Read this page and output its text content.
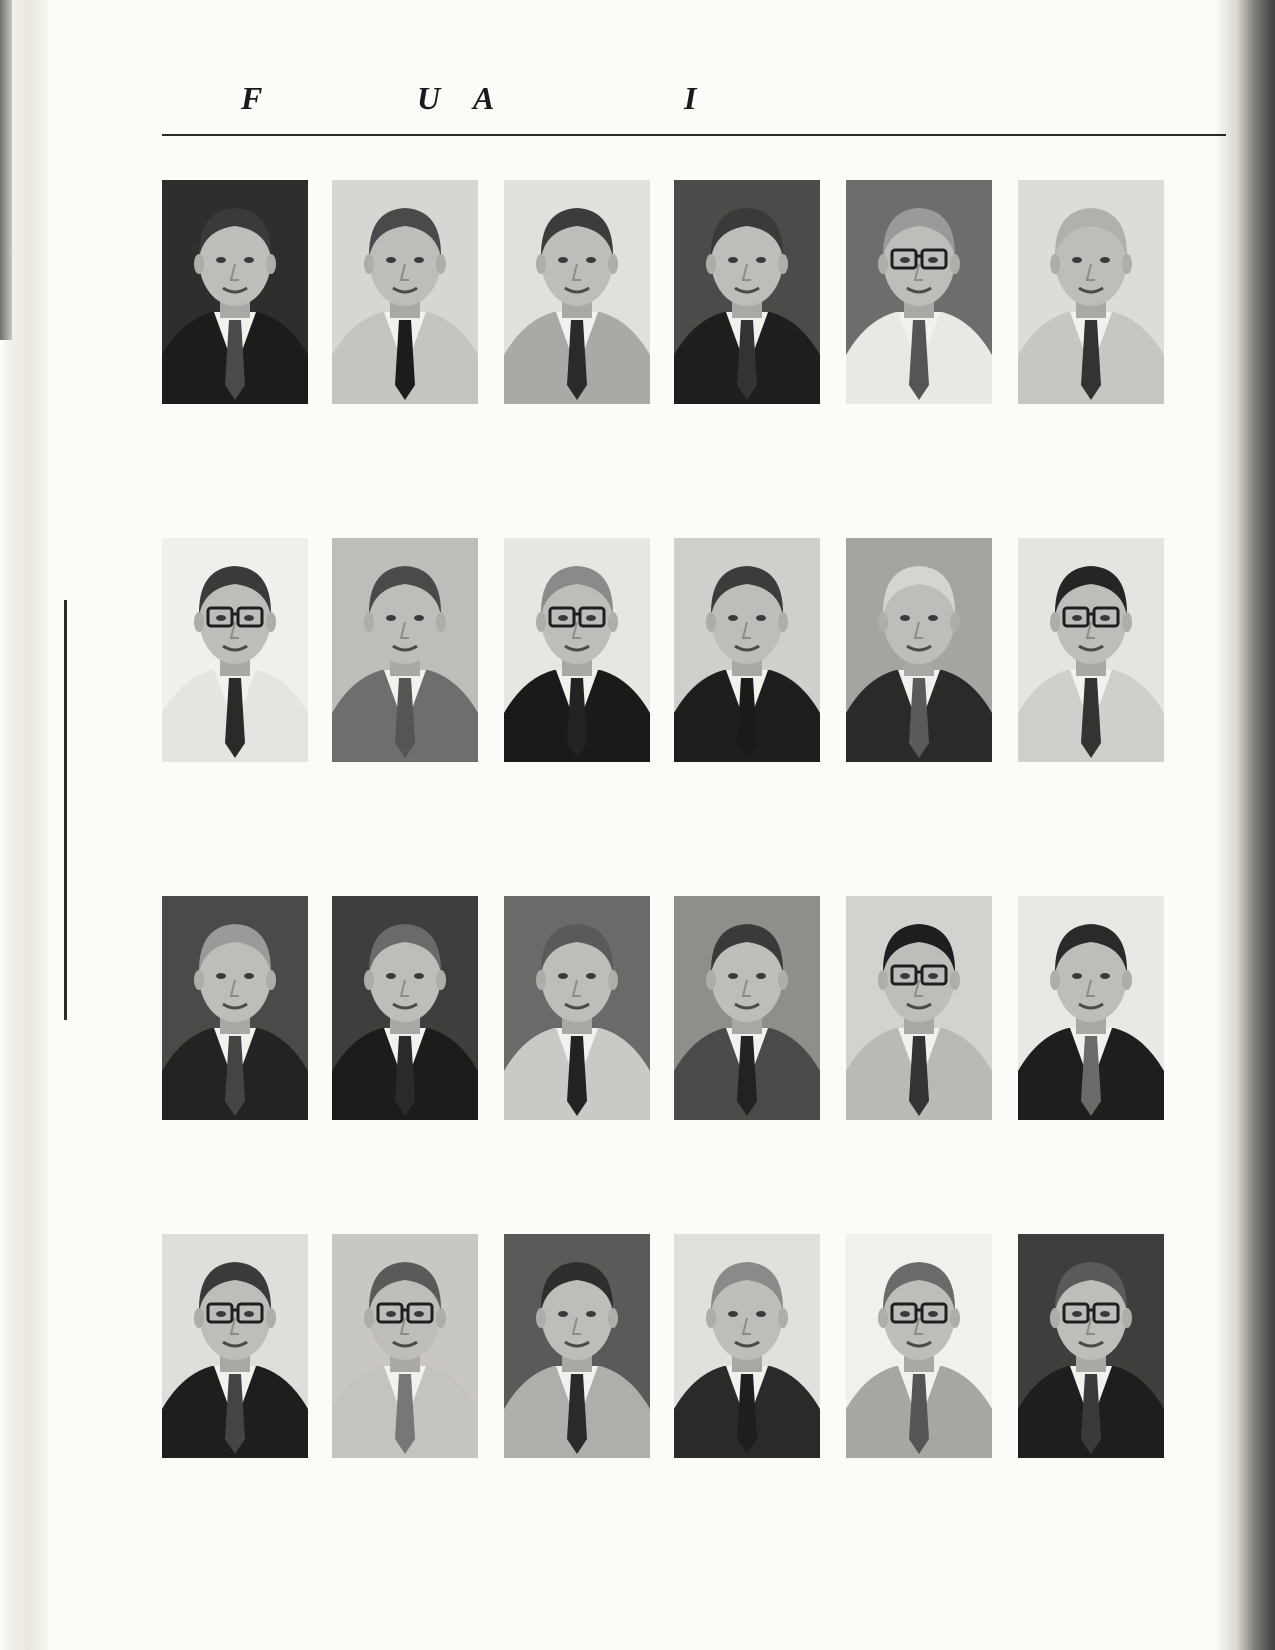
F	U A	I
